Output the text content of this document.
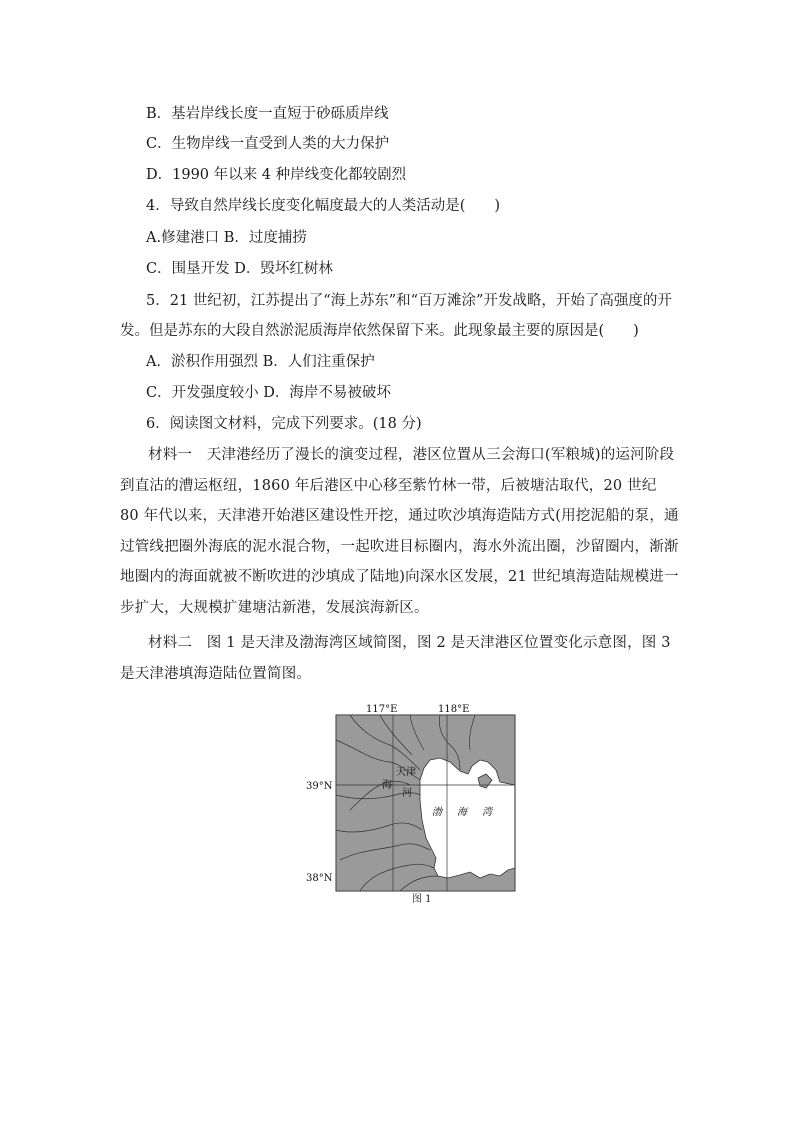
B．基岩岸线长度一直短于砂砾质岸线
C．生物岸线一直受到人类的大力保护
D．1990 年以来 4 种岸线变化都较剧烈
4．导致自然岸线长度变化幅度最大的人类活动是(　　)
A.修建港口 B．过度捕捞
C．围垦开发 D．毁坏红树林
5．21 世纪初，江苏提出了“海上苏东”和“百万滩涂”开发战略，开始了高强度的开
发。但是苏东的大段自然淤泥质海岸依然保留下来。此现象最主要的原因是(　　)
A．淤积作用强烈 B．人们注重保护
C．开发强度较小 D．海岸不易被破坏
6．阅读图文材料，完成下列要求。(18 分)
材料一　天津港经历了漫长的演变过程，港区位置从三会海口(军粮城)的运河阶段到直沽的漕运枢纽，1860 年后港区中心移至紫竹林一带，后被塘沽取代，20 世纪 80 年代以来，天津港开始港区建设性开挖，通过吹沙填海造陆方式(用挖泥船的泵，通过管线把圈外海底的泥水混合物，一起吹进目标圈内，海水外流出圈，沙留圈内，渐渐地圈内的海面就被不断吹进的沙填成了陆地)向深水区发展，21 世纪填海造陆规模进一步扩大，大规模扩建塘沽新港，发展滨海新区。
材料二　图 1 是天津及渤海湾区域简图，图 2 是天津港区位置变化示意图，图 3 是天津港填海造陆位置简图。
117°E	118°E
39°N
38°N
天津
海
河
渤 海 湾
图 1
